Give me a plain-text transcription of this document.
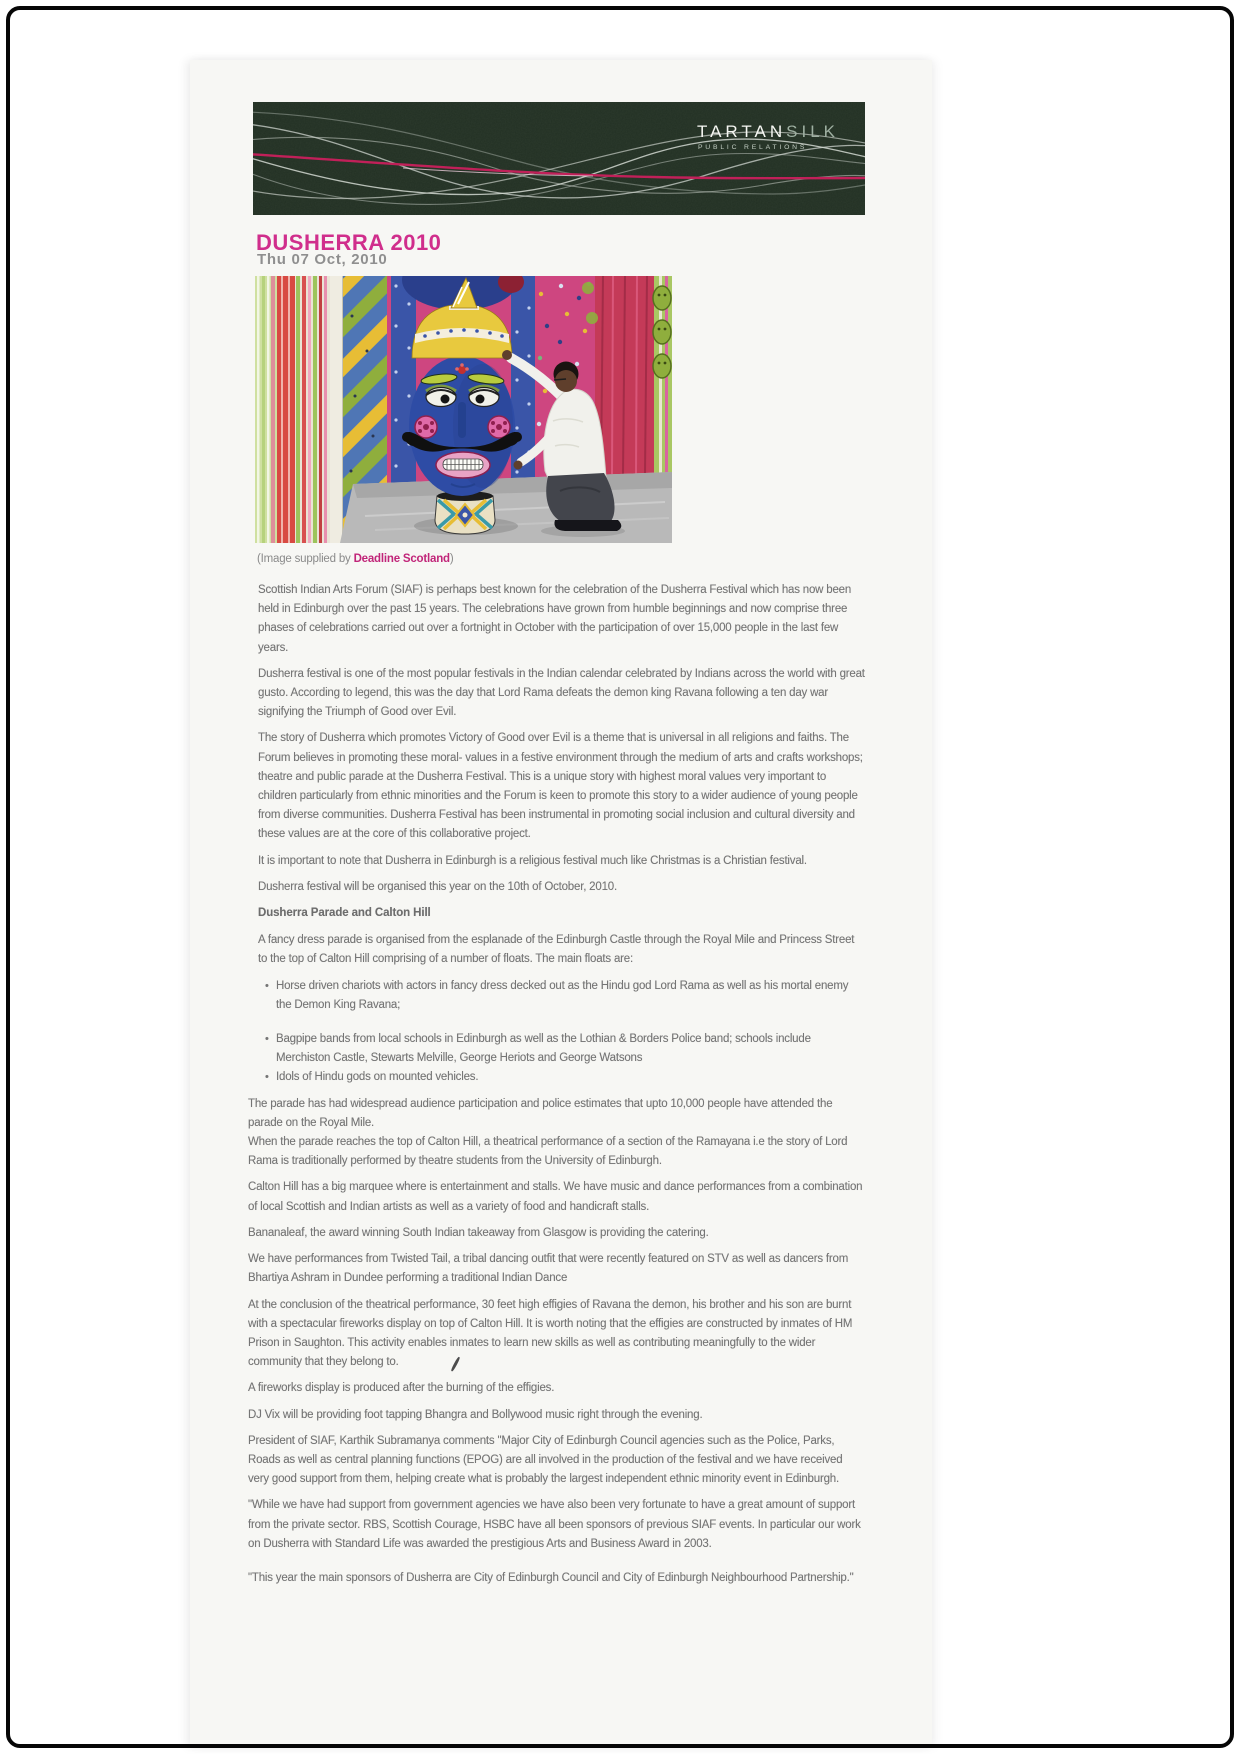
TARTANSILK
PUBLIC RELATIONS
DUSHERRA 2010
Thu 07 Oct, 2010
(Image supplied by Deadline Scotland)

Scottish Indian Arts Forum (SIAF) is perhaps best known for the celebration of the Dusherra Festival which has now been held in Edinburgh over the past 15 years. The celebrations have grown from humble beginnings and now comprise three phases of celebrations carried out over a fortnight in October with the participation of over 15,000 people in the last few years.

Dusherra festival is one of the most popular festivals in the Indian calendar celebrated by Indians across the world with great gusto. According to legend, this was the day that Lord Rama defeats the demon king Ravana following a ten day war signifying the Triumph of Good over Evil.

The story of Dusherra which promotes Victory of Good over Evil is a theme that is universal in all religions and faiths. The Forum believes in promoting these moral- values in a festive environment through the medium of arts and crafts workshops; theatre and public parade at the Dusherra Festival. This is a unique story with highest moral values very important to children particularly from ethnic minorities and the Forum is keen to promote this story to a wider audience of young people from diverse communities. Dusherra Festival has been instrumental in promoting social inclusion and cultural diversity and these values are at the core of this collaborative project.

It is important to note that Dusherra in Edinburgh is a religious festival much like Christmas is a Christian festival.

Dusherra festival will be organised this year on the 10th of October, 2010.

Dusherra Parade and Calton Hill

A fancy dress parade is organised from the esplanade of the Edinburgh Castle through the Royal Mile and Princess Street to the top of Calton Hill comprising of a number of floats. The main floats are:

• Horse driven chariots with actors in fancy dress decked out as the Hindu god Lord Rama as well as his mortal enemy the Demon King Ravana;
• Bagpipe bands from local schools in Edinburgh as well as the Lothian & Borders Police band; schools include Merchiston Castle, Stewarts Melville, George Heriots and George Watsons
• Idols of Hindu gods on mounted vehicles.

The parade has had widespread audience participation and police estimates that upto 10,000 people have attended the parade on the Royal Mile.

When the parade reaches the top of Calton Hill, a theatrical performance of a section of the Ramayana i.e the story of Lord Rama is traditionally performed by theatre students from the University of Edinburgh.

Calton Hill has a big marquee where is entertainment and stalls. We have music and dance performances from a combination of local Scottish and Indian artists as well as a variety of food and handicraft stalls.

Bananaleaf, the award winning South Indian takeaway from Glasgow is providing the catering.

We have performances from Twisted Tail, a tribal dancing outfit that were recently featured on STV as well as dancers from Bhartiya Ashram in Dundee performing a traditional Indian Dance

At the conclusion of the theatrical performance, 30 feet high effigies of Ravana the demon, his brother and his son are burnt with a spectacular fireworks display on top of Calton Hill. It is worth noting that the effigies are constructed by inmates of HM Prison in Saughton. This activity enables inmates to learn new skills as well as contributing meaningfully to the wider community that they belong to.

A fireworks display is produced after the burning of the effigies.

DJ Vix will be providing foot tapping Bhangra and Bollywood music right through the evening.

President of SIAF, Karthik Subramanya comments "Major City of Edinburgh Council agencies such as the Police, Parks, Roads as well as central planning functions (EPOG) are all involved in the production of the festival and we have received very good support from them, helping create what is probably the largest independent ethnic minority event in Edinburgh.

"While we have had support from government agencies we have also been very fortunate to have a great amount of support from the private sector. RBS, Scottish Courage, HSBC have all been sponsors of previous SIAF events. In particular our work on Dusherra with Standard Life was awarded the prestigious Arts and Business Award in 2003.

"This year the main sponsors of Dusherra are City of Edinburgh Council and City of Edinburgh Neighbourhood Partnership."
